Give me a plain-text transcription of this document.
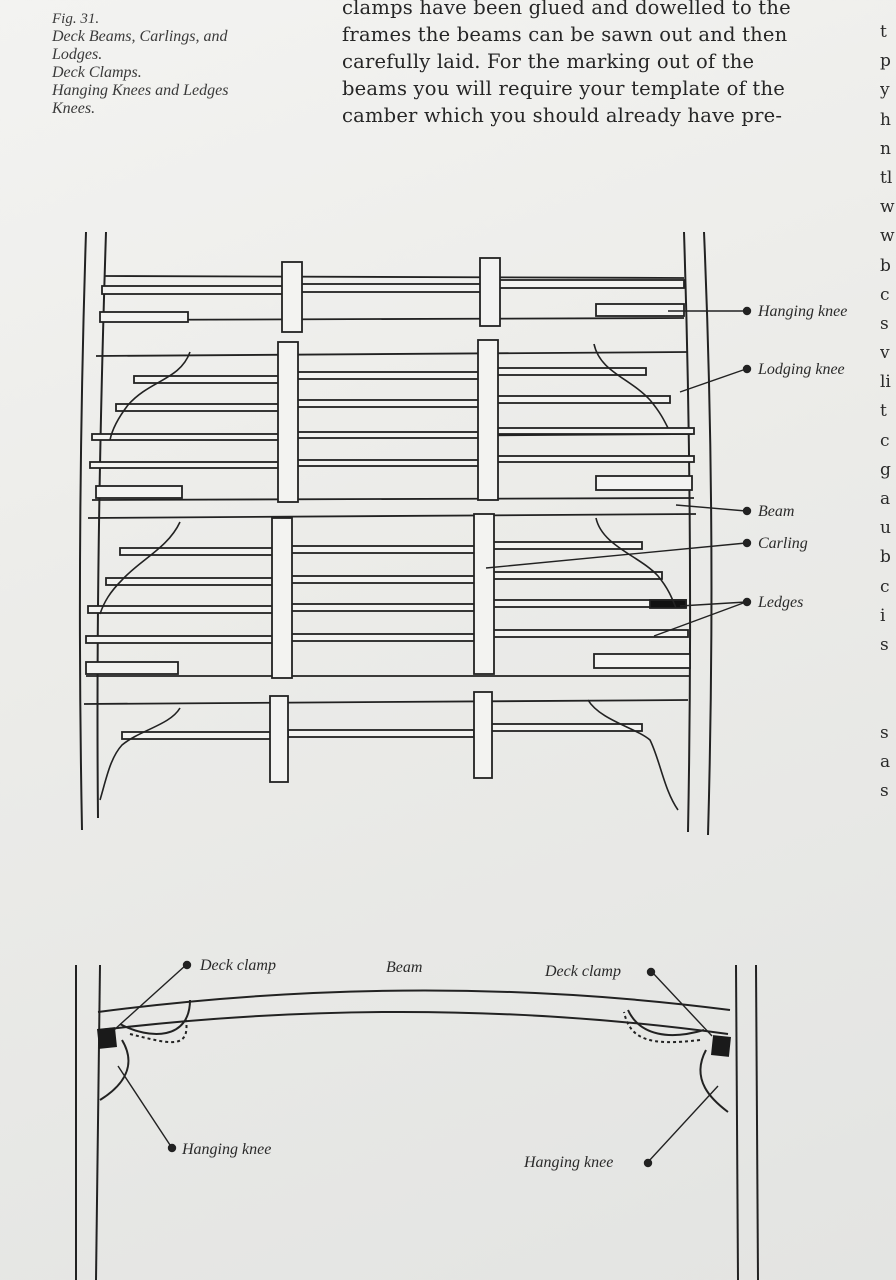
Fig. 31.
Deck Beams, Carlings, and
Lodges.
Deck Clamps.
Hanging Knees and Ledges
Knees.
clamps have been glued and dowelled to the
frames the beams can be sawn out and then
carefully laid. For the marking out of the
beams you will require your template of the
camber which you should already have pre-
t
p
y
h
n
tl
w
w
b
c
s
v
li
t
c
g
a
u
b
c
i
s
s
a
s
Hanging knee
Lodging knee
Beam
Carling
Ledges
Deck clamp	Beam	Deck clamp
Hanging knee
Hanging knee
